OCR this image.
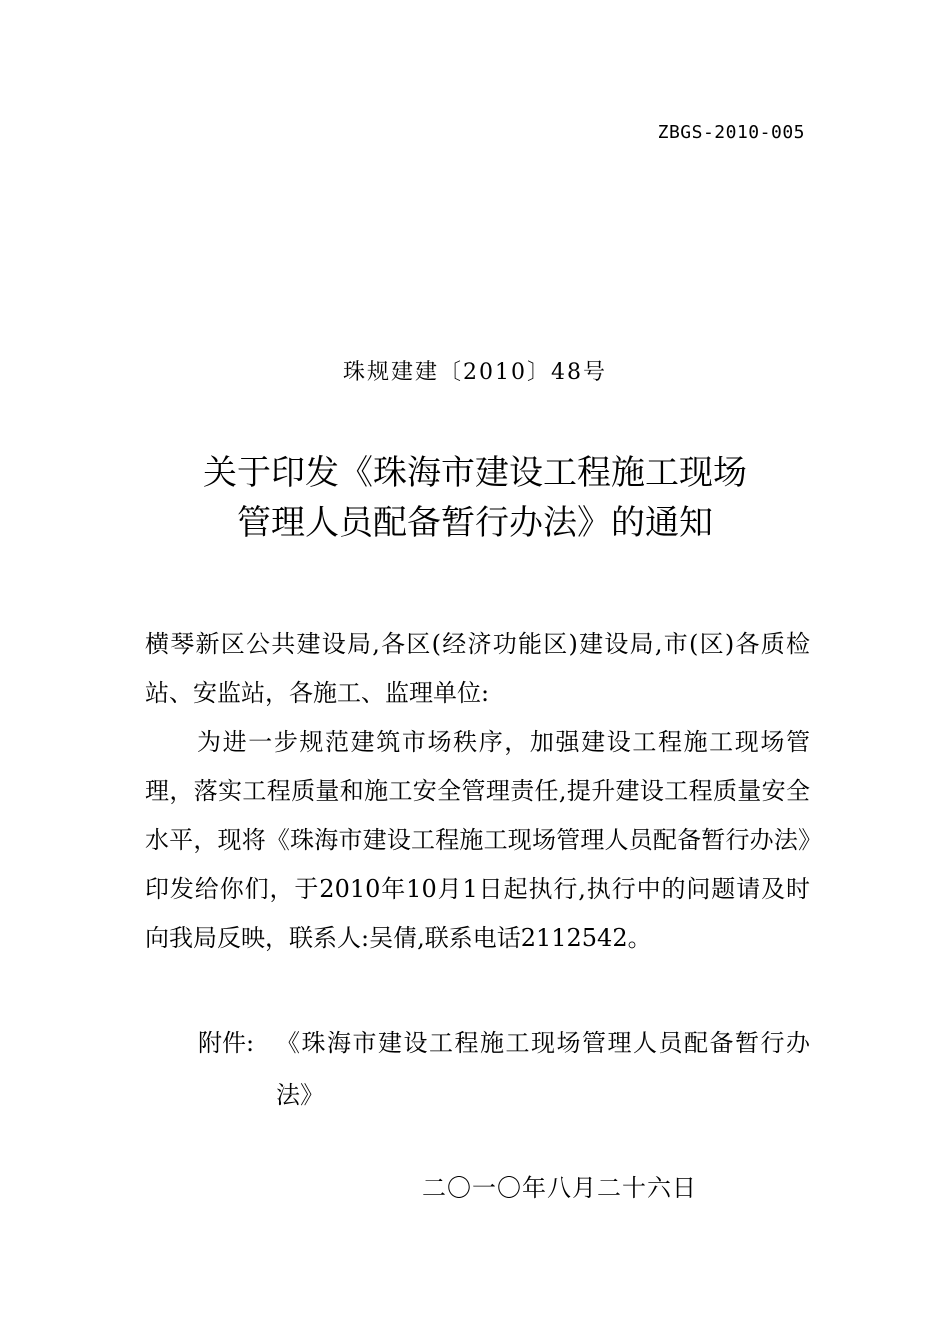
ZBGS-2010-005
珠规建建〔2010〕48号
关于印发《珠海市建设工程施工现场
管理人员配备暂行办法》的通知

横琴新区公共建设局,各区(经济功能区)建设局,市(区)各质检站、安监站，各施工、监理单位:

为进一步规范建筑市场秩序，加强建设工程施工现场管理，落实工程质量和施工安全管理责任,提升建设工程质量安全水平，现将《珠海市建设工程施工现场管理人员配备暂行办法》印发给你们，于2010年10月1日起执行,执行中的问题请及时向我局反映，联系人:吴倩,联系电话2112542。

附件: 《珠海市建设工程施工现场管理人员配备暂行办法》
二〇一〇年八月二十六日
